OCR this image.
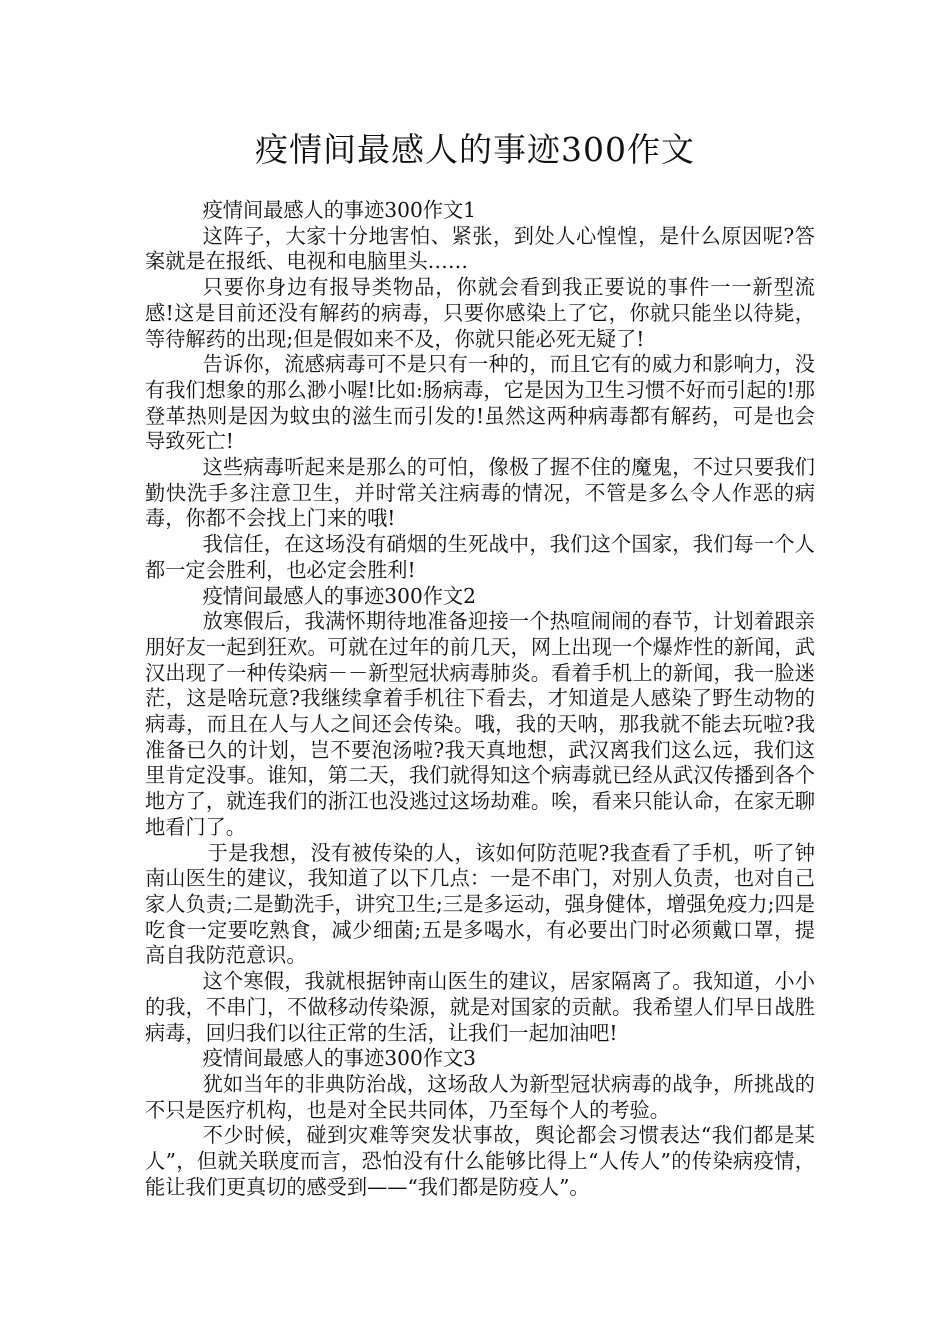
疫情间最感人的事迹300作文

疫情间最感人的事迹300作文1

这阵子，大家十分地害怕、紧张，到处人心惶惶，是什么原因呢?答案就是在报纸、电视和电脑里头……

只要你身边有报导类物品，你就会看到我正要说的事件一一新型流感!这是目前还没有解药的病毒，只要你感染上了它，你就只能坐以待毙，等待解药的出现;但是假如来不及，你就只能必死无疑了!

告诉你，流感病毒可不是只有一种的，而且它有的威力和影响力，没有我们想象的那么渺小喔!比如:肠病毒，它是因为卫生习惯不好而引起的!那登革热则是因为蚊虫的滋生而引发的!虽然这两种病毒都有解药，可是也会导致死亡!

这些病毒听起来是那么的可怕，像极了握不住的魔鬼，不过只要我们勤快洗手多注意卫生，并时常关注病毒的情况，不管是多么令人作恶的病毒，你都不会找上门来的哦!

我信任，在这场没有硝烟的生死战中，我们这个国家，我们每一个人都一定会胜利，也必定会胜利!

疫情间最感人的事迹300作文2

放寒假后，我满怀期待地准备迎接一个热喧闹闹的春节，计划着跟亲朋好友一起到狂欢。可就在过年的前几天，网上出现一个爆炸性的新闻，武汉出现了一种传染病－－新型冠状病毒肺炎。看着手机上的新闻，我一脸迷茫，这是啥玩意?我继续拿着手机往下看去，才知道是人感染了野生动物的病毒，而且在人与人之间还会传染。哦，我的天呐，那我就不能去玩啦?我准备已久的计划，岂不要泡汤啦?我天真地想，武汉离我们这么远，我们这里肯定没事。谁知，第二天，我们就得知这个病毒就已经从武汉传播到各个地方了，就连我们的浙江也没逃过这场劫难。唉，看来只能认命，在家无聊地看门了。

于是我想，没有被传染的人，该如何防范呢?我查看了手机，听了钟南山医生的建议，我知道了以下几点：一是不串门，对别人负责，也对自己家人负责;二是勤洗手，讲究卫生;三是多运动，强身健体，增强免疫力;四是吃食一定要吃熟食，减少细菌;五是多喝水，有必要出门时必须戴口罩，提高自我防范意识。

这个寒假，我就根据钟南山医生的建议，居家隔离了。我知道，小小的我，不串门，不做移动传染源，就是对国家的贡献。我希望人们早日战胜病毒，回归我们以往正常的生活，让我们一起加油吧!

疫情间最感人的事迹300作文3

犹如当年的非典防治战，这场敌人为新型冠状病毒的战争，所挑战的不只是医疗机构，也是对全民共同体，乃至每个人的考验。

不少时候，碰到灾难等突发状事故，舆论都会习惯表达“我们都是某人”，但就关联度而言，恐怕没有什么能够比得上“人传人”的传染病疫情，能让我们更真切的感受到——“我们都是防疫人”。
